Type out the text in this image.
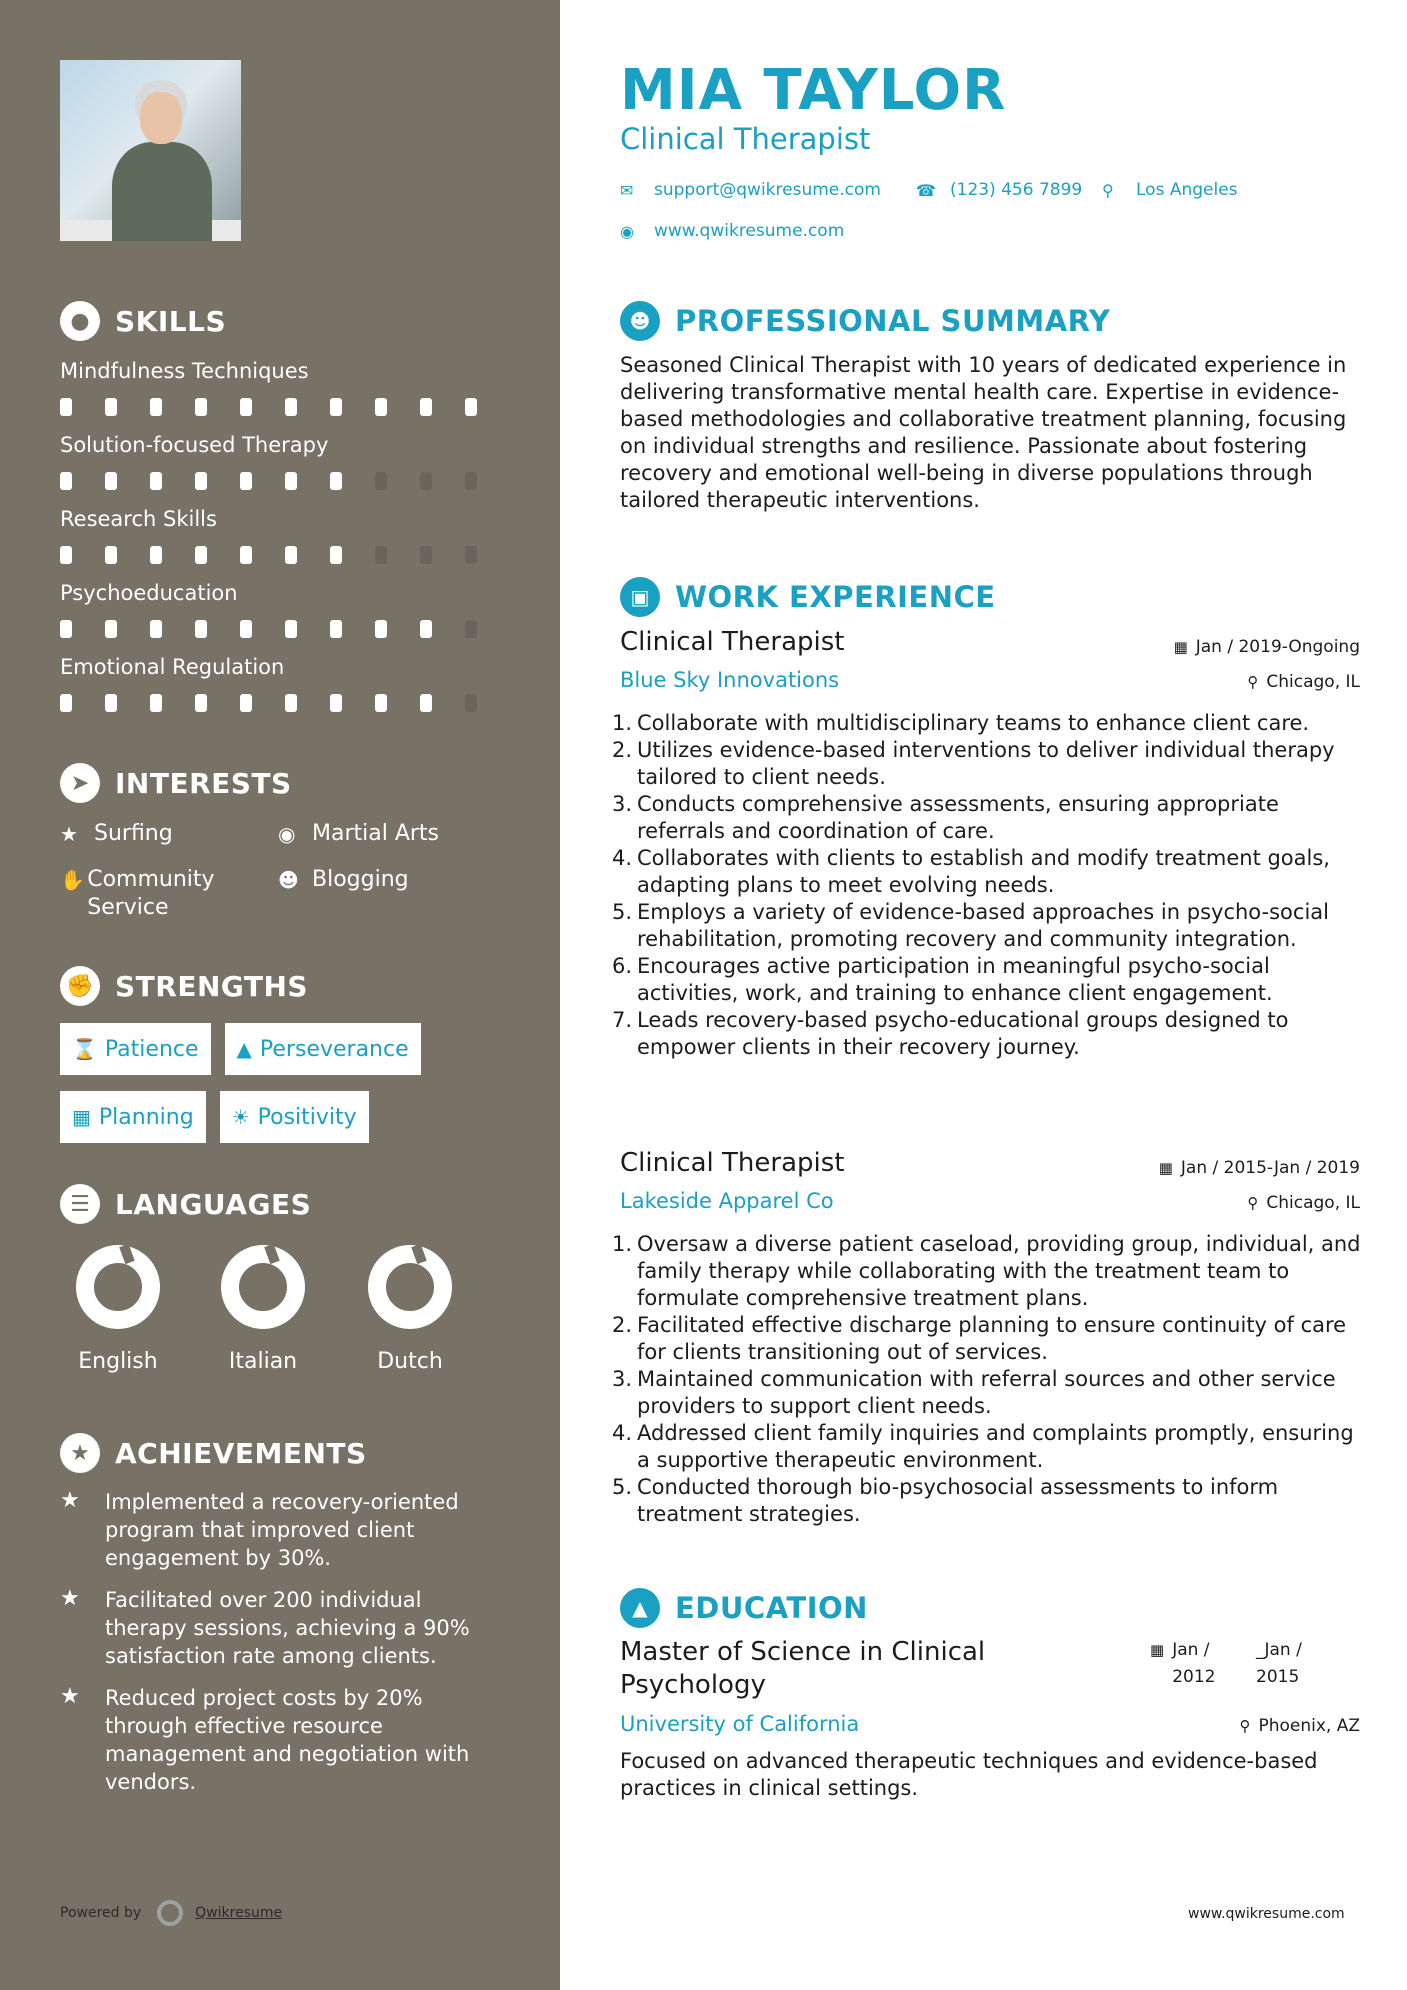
● SKILLS
Mindfulness Techniques
Solution-focused Therapy
Research Skills
Psychoeducation
Emotional Regulation
➤ INTERESTS
★ Surfing	◉ Martial Arts
✋ Community Service
☻ Blogging
✊ STRENGTHS
⌛ Patience ▲ Perseverance
▦ Planning ☀ Positivity
☰ LANGUAGES
English	Italian	Dutch
★ ACHIEVEMENTS
★	Implemented a recovery-oriented program that improved client engagement by 30%.
★	Facilitated over 200 individual therapy sessions, achieving a 90% satisfaction rate among clients.
★	Reduced project costs by 20% through effective resource management and negotiation with vendors.
Powered by	Qwikresume
MIA TAYLOR
Clinical Therapist
✉	support@qwikresume.com ☎ (123) 456 7899 ⚲	Los Angeles
◉	www.qwikresume.com
☻ PROFESSIONAL SUMMARY
Seasoned Clinical Therapist with 10 years of dedicated experience in delivering transformative mental health care. Expertise in evidence-based methodologies and collaborative treatment planning, focusing on individual strengths and resilience. Passionate about fostering recovery and emotional well-being in diverse populations through tailored therapeutic interventions.
▣ WORK EXPERIENCE
Clinical Therapist	▦ Jan / 2019-Ongoing
Blue Sky Innovations	⚲ Chicago, IL
1. Collaborate with multidisciplinary teams to enhance client care.
2. Utilizes evidence-based interventions to deliver individual therapy tailored to client needs.
3. Conducts comprehensive assessments, ensuring appropriate referrals and coordination of care.
4. Collaborates with clients to establish and modify treatment goals, adapting plans to meet evolving needs.
5. Employs a variety of evidence-based approaches in psycho-social rehabilitation, promoting recovery and community integration.
6. Encourages active participation in meaningful psycho-social activities, work, and training to enhance client engagement.
7. Leads recovery-based psycho-educational groups designed to empower clients in their recovery journey.
Clinical Therapist	▦ Jan / 2015-Jan / 2019
Lakeside Apparel Co	⚲ Chicago, IL
1. Oversaw a diverse patient caseload, providing group, individual, and family therapy while collaborating with the treatment team to formulate comprehensive treatment plans.
2. Facilitated effective discharge planning to ensure continuity of care for clients transitioning out of services.
3. Maintained communication with referral sources and other service providers to support client needs.
4. Addressed client family inquiries and complaints promptly, ensuring a supportive therapeutic environment.
5. Conducted thorough bio-psychosocial assessments to inform treatment strategies.
▲ EDUCATION
Master of Science in Clinical Psychology
▦ Jan / 2012
_Jan / 2015
University of California	⚲ Phoenix, AZ
Focused on advanced therapeutic techniques and evidence-based practices in clinical settings.
www.qwikresume.com
